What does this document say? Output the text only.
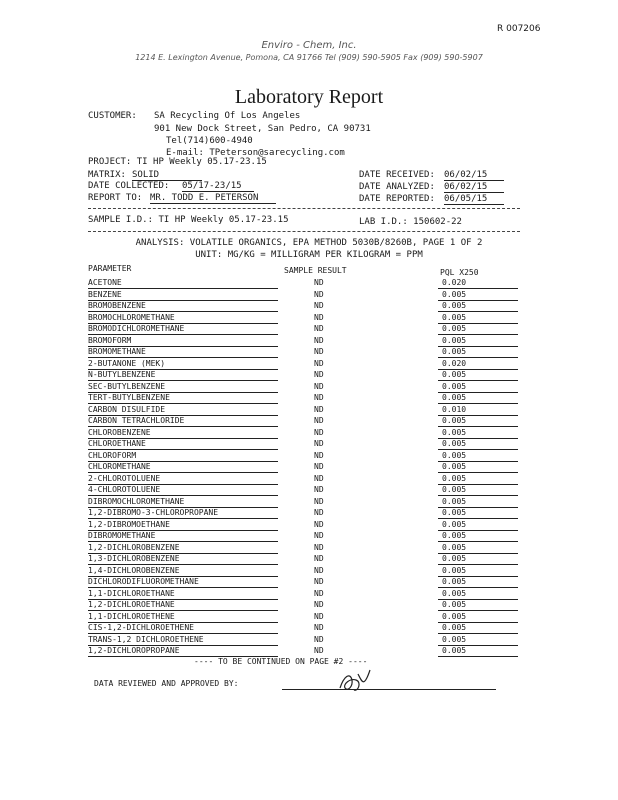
R 007206
Enviro - Chem, Inc.
1214 E. Lexington Avenue, Pomona, CA 91766 Tel (909) 590-5905 Fax (909) 590-5907
Laboratory Report
CUSTOMER: SA Recycling Of Los Angeles
901 New Dock Street, San Pedro, CA 90731
Tel(714)600-4940
E-mail: TPeterson@sarecycling.com
PROJECT: TI HP Weekly 05.17-23.15
MATRIX: SOLID
DATE COLLECTED: 05/17-23/15
REPORT TO: MR. TODD E. PETERSON
DATE RECEIVED: 06/02/15
DATE ANALYZED: 06/02/15
DATE REPORTED: 06/05/15
SAMPLE I.D.: TI HP Weekly 05.17-23.15	LAB I.D.: 150602-22
ANALYSIS: VOLATILE ORGANICS, EPA METHOD 5030B/8260B, PAGE 1 OF 2
UNIT: MG/KG = MILLIGRAM PER KILOGRAM = PPM
PARAMETER	SAMPLE RESULT	PQL X250
ACETONE	ND	0.020
BENZENE	ND	0.005
BROMOBENZENE	ND	0.005
BROMOCHLOROMETHANE	ND	0.005
BROMODICHLOROMETHANE	ND	0.005
BROMOFORM	ND	0.005
BROMOMETHANE	ND	0.005
2-BUTANONE (MEK)	ND	0.020
N-BUTYLBENZENE	ND	0.005
SEC-BUTYLBENZENE	ND	0.005
TERT-BUTYLBENZENE	ND	0.005
CARBON DISULFIDE	ND	0.010
CARBON TETRACHLORIDE	ND	0.005
CHLOROBENZENE	ND	0.005
CHLOROETHANE	ND	0.005
CHLOROFORM	ND	0.005
CHLOROMETHANE	ND	0.005
2-CHLOROTOLUENE	ND	0.005
4-CHLOROTOLUENE	ND	0.005
DIBROMOCHLOROMETHANE	ND	0.005
1,2-DIBROMO-3-CHLOROPROPANE	ND	0.005
1,2-DIBROMOETHANE	ND	0.005
DIBROMOMETHANE	ND	0.005
1,2-DICHLOROBENZENE	ND	0.005
1,3-DICHLOROBENZENE	ND	0.005
1,4-DICHLOROBENZENE	ND	0.005
DICHLORODIFLUOROMETHANE	ND	0.005
1,1-DICHLOROETHANE	ND	0.005
1,2-DICHLOROETHANE	ND	0.005
1,1-DICHLOROETHENE	ND	0.005
CIS-1,2-DICHLOROETHENE	ND	0.005
TRANS-1,2 DICHLOROETHENE	ND	0.005
1,2-DICHLOROPROPANE	ND	0.005
---- TO BE CONTINUED ON PAGE #2 ----
DATA REVIEWED AND APPROVED BY:
